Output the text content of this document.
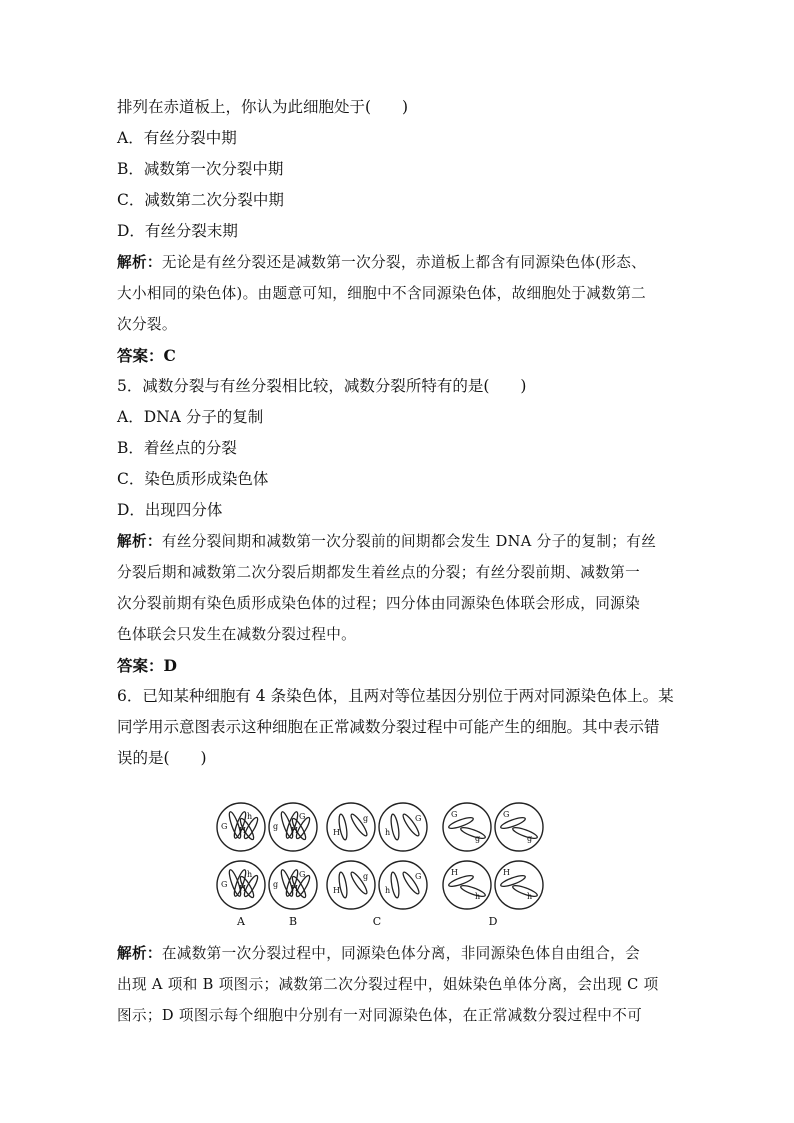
排列在赤道板上，你认为此细胞处于(　　)
A．有丝分裂中期
B．减数第一次分裂中期
C．减数第二次分裂中期
D．有丝分裂末期
解析：无论是有丝分裂还是减数第一次分裂，赤道板上都含有同源染色体(形态、
大小相同的染色体)。由题意可知，细胞中不含同源染色体，故细胞处于减数第二
次分裂。
答案：C
5．减数分裂与有丝分裂相比较，减数分裂所特有的是(　　)
A．DNA 分子的复制
B．着丝点的分裂
C．染色质形成染色体
D．出现四分体
解析：有丝分裂间期和减数第一次分裂前的间期都会发生 DNA 分子的复制；有丝
分裂后期和减数第二次分裂后期都发生着丝点的分裂；有丝分裂前期、减数第一
次分裂前期有染色质形成染色体的过程；四分体由同源染色体联会形成，同源染
色体联会只发生在减数分裂过程中。
答案：D
6．已知某种细胞有 4 条染色体，且两对等位基因分别位于两对同源染色体上。某
同学用示意图表示这种细胞在正常减数分裂过程中可能产生的细胞。其中表示错
误的是(　　)
G H
h
g H
G
G H
h
g H
G
H
g
h
G
H
g
h
G
G
g
G
g
H
h
H
h
A	B	C	D
解析：在减数第一次分裂过程中，同源染色体分离，非同源染色体自由组合，会
出现 A 项和 B 项图示；减数第二次分裂过程中，姐妹染色单体分离，会出现 C 项
图示；D 项图示每个细胞中分别有一对同源染色体，在正常减数分裂过程中不可
